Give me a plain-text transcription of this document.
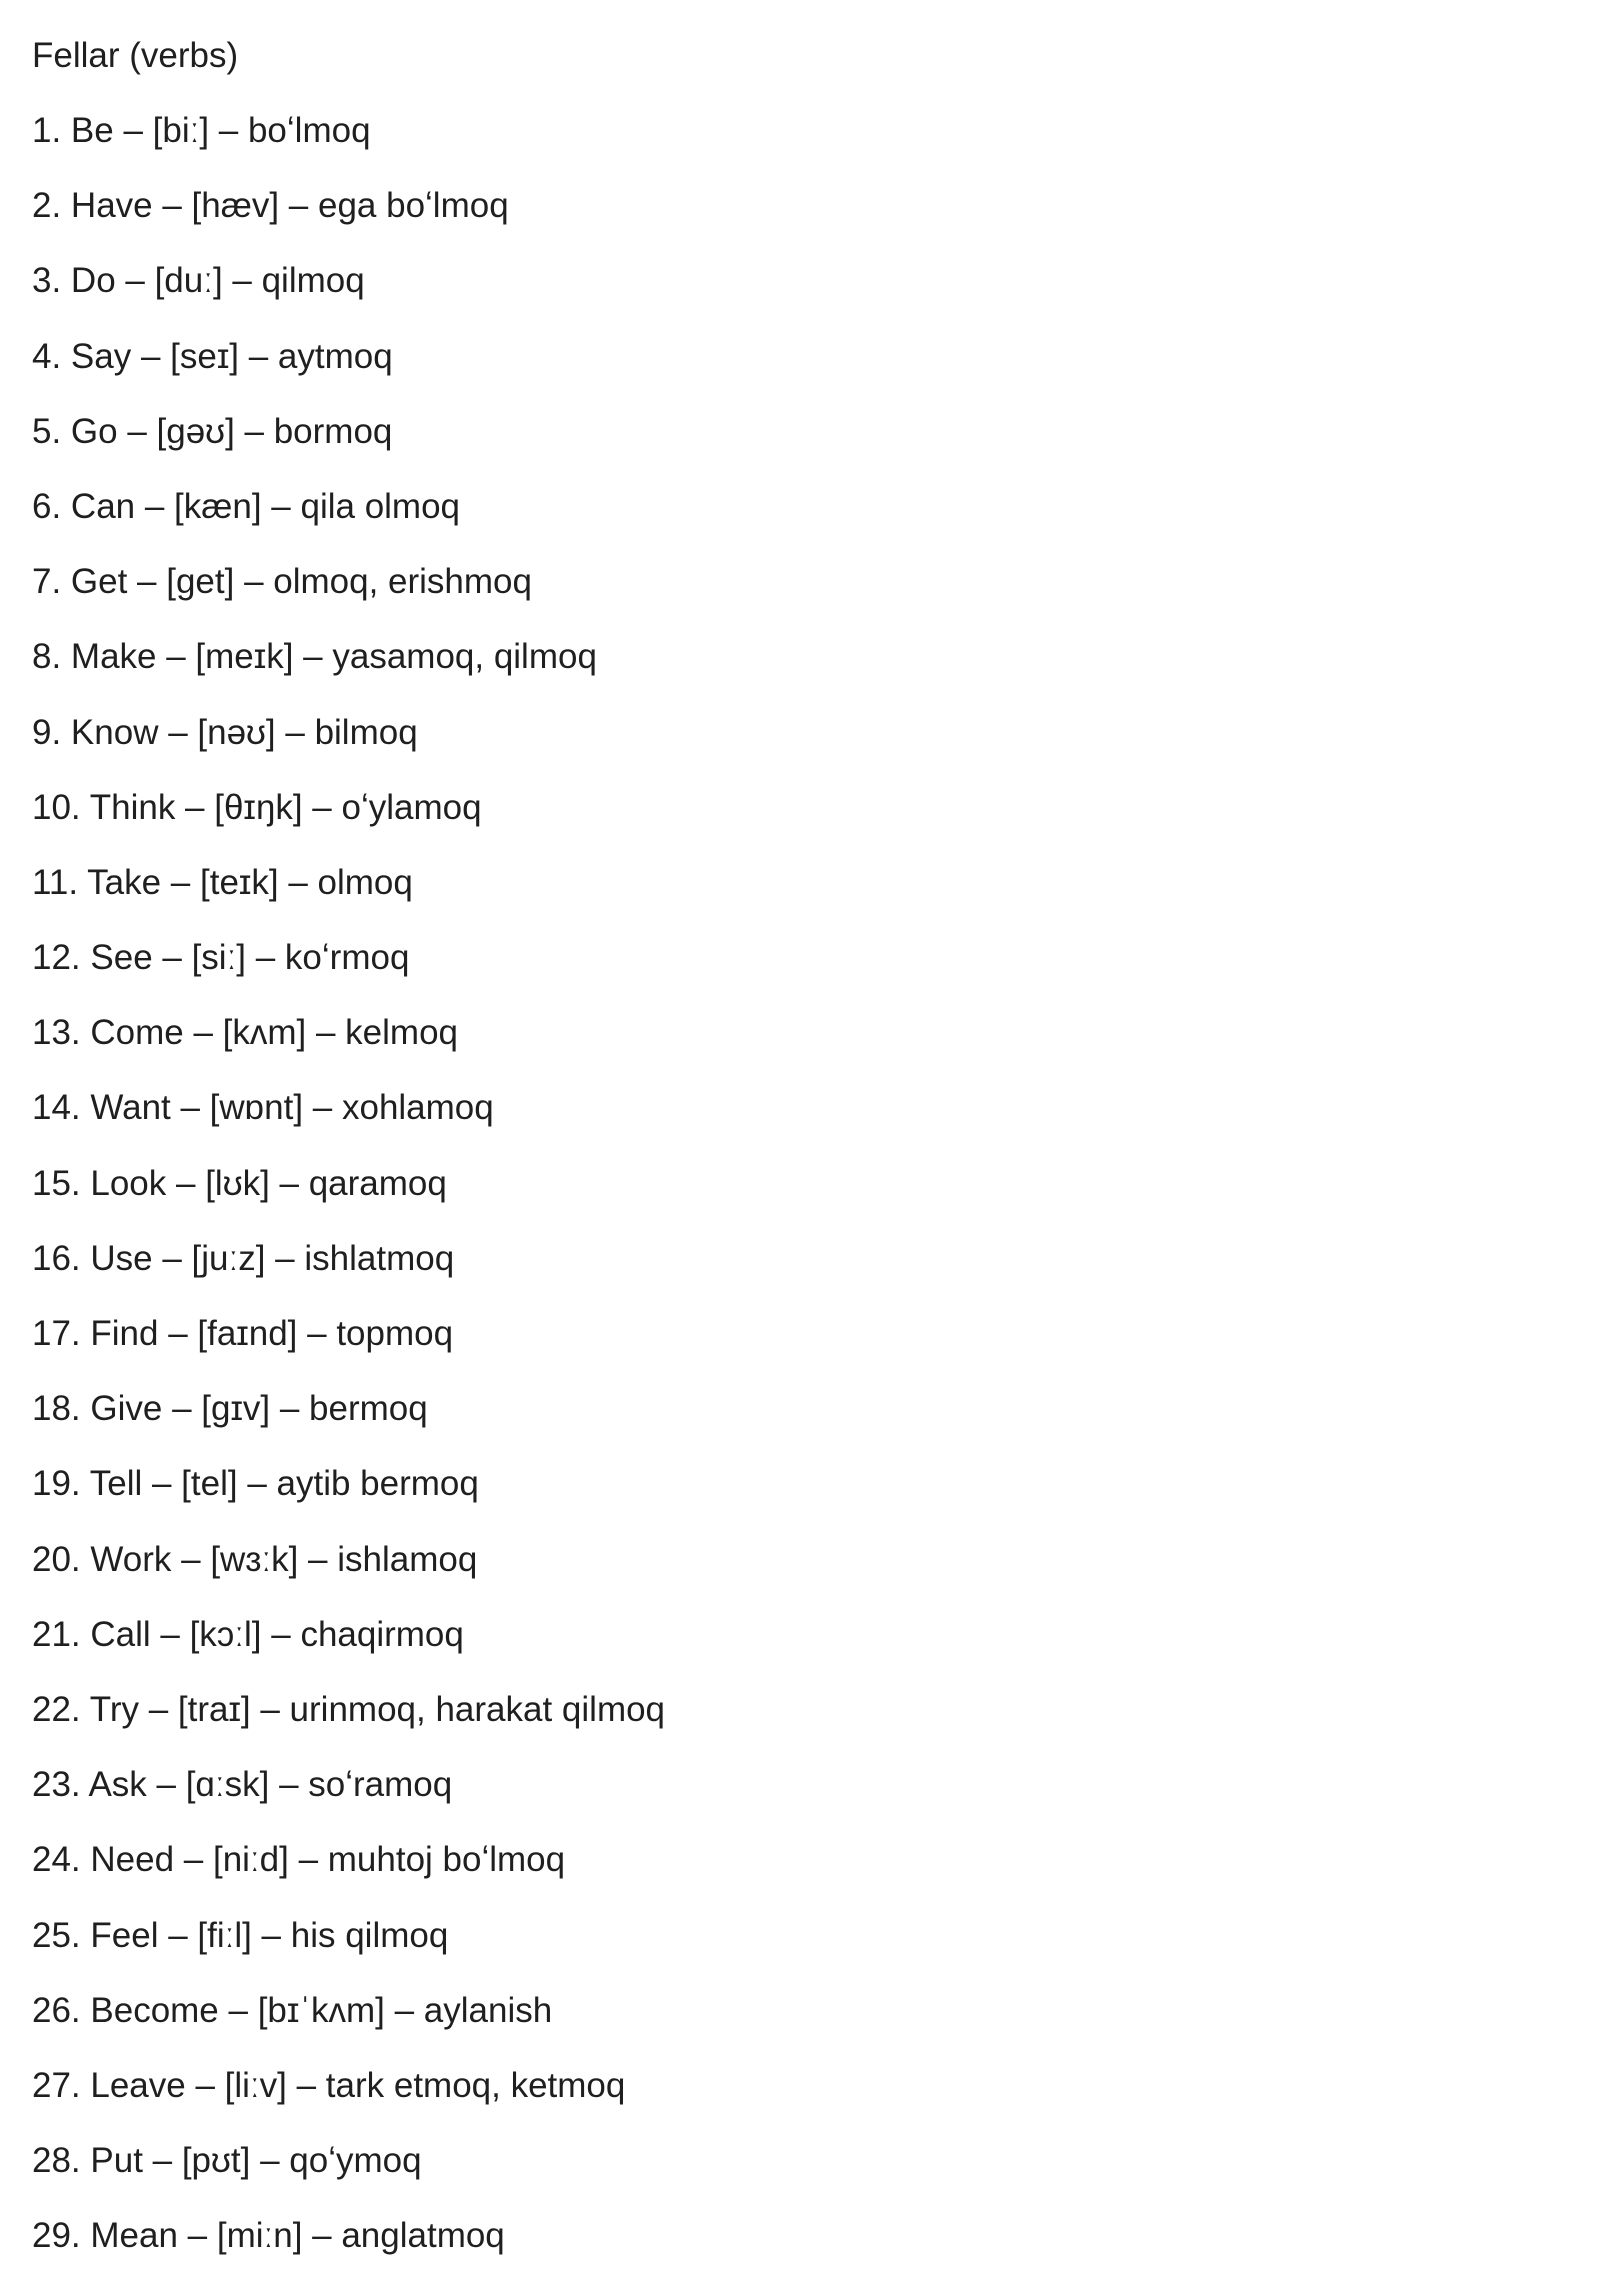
Fellar (verbs)
1. Be – [biː] – boʻlmoq
2. Have – [hæv] – ega boʻlmoq
3. Do – [duː] – qilmoq
4. Say – [seɪ] – aytmoq
5. Go – [gəʊ] – bormoq
6. Can – [kæn] – qila olmoq
7. Get – [get] – olmoq, erishmoq
8. Make – [meɪk] – yasamoq, qilmoq
9. Know – [nəʊ] – bilmoq
10. Think – [θɪŋk] – oʻylamoq
11. Take – [teɪk] – olmoq
12. See – [siː] – koʻrmoq
13. Come – [kʌm] – kelmoq
14. Want – [wɒnt] – xohlamoq
15. Look – [lʊk] – qaramoq
16. Use – [juːz] – ishlatmoq
17. Find – [faɪnd] – topmoq
18. Give – [gɪv] – bermoq
19. Tell – [tel] – aytib bermoq
20. Work – [wɜːk] – ishlamoq
21. Call – [kɔːl] – chaqirmoq
22. Try – [traɪ] – urinmoq, harakat qilmoq
23. Ask – [ɑːsk] – soʻramoq
24. Need – [niːd] – muhtoj boʻlmoq
25. Feel – [fiːl] – his qilmoq
26. Become – [bɪˈkʌm] – aylanish
27. Leave – [liːv] – tark etmoq, ketmoq
28. Put – [pʊt] – qoʻymoq
29. Mean – [miːn] – anglatmoq
